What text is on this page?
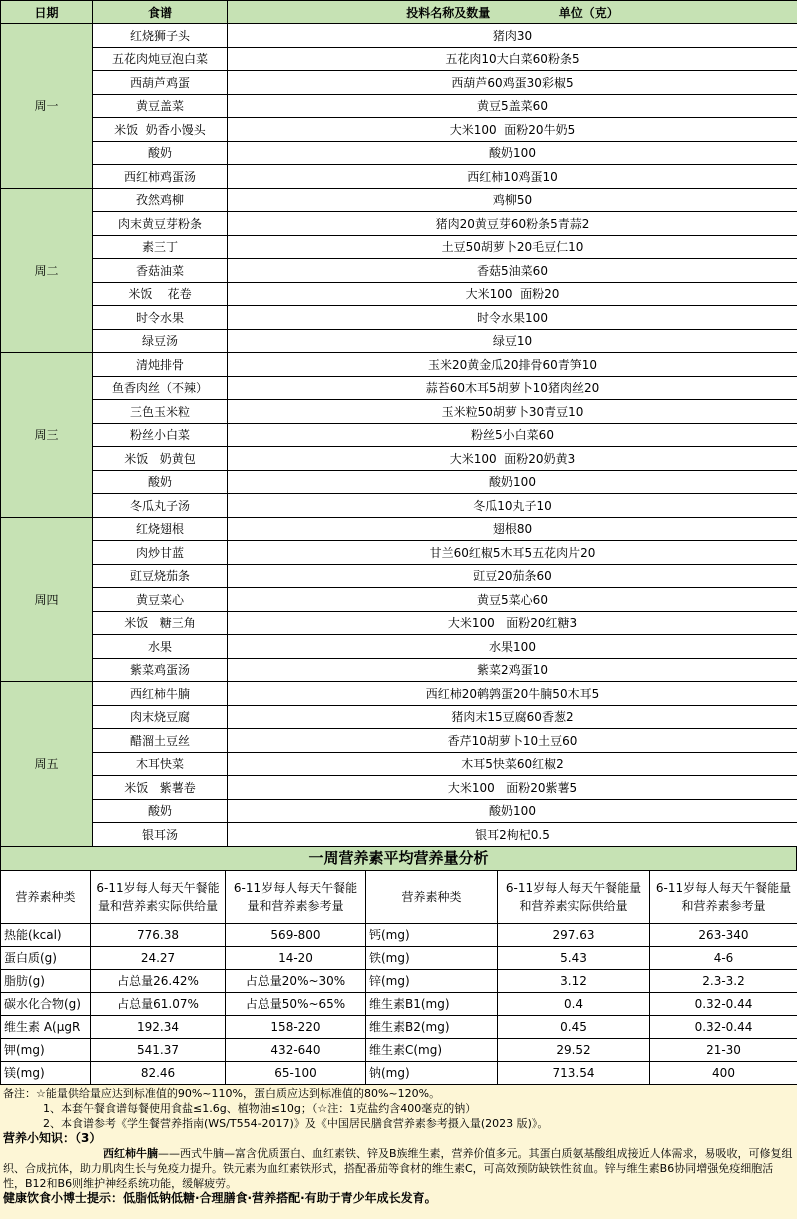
日期	食谱	投料名称及数量 单位（克）
周一	红烧狮子头	猪肉30
	五花肉炖豆泡白菜	五花肉10大白菜60粉条5
	西葫芦鸡蛋	西葫芦60鸡蛋30彩椒5
	黄豆盖菜	黄豆5盖菜60
	米饭  奶香小馒头	大米100  面粉20牛奶5
	酸奶	酸奶100
	西红柿鸡蛋汤	西红柿10鸡蛋10
周二	孜然鸡柳	鸡柳50
	肉末黄豆芽粉条	猪肉20黄豆芽60粉条5青蒜2
	素三丁	土豆50胡萝卜20毛豆仁10
	香菇油菜	香菇5油菜60
	米饭    花卷	大米100  面粉20
	时令水果	时令水果100
	绿豆汤	绿豆10
周三	清炖排骨	玉米20黄金瓜20排骨60青笋10
	鱼香肉丝（不辣）	蒜苔60木耳5胡萝卜10猪肉丝20
	三色玉米粒	玉米粒50胡萝卜30青豆10
	粉丝小白菜	粉丝5小白菜60
	米饭   奶黄包	大米100  面粉20奶黄3
	酸奶	酸奶100
	冬瓜丸子汤	冬瓜10丸子10
周四	红烧翅根	翅根80
	肉炒甘蓝	甘兰60红椒5木耳5五花肉片20
	豇豆烧茄条	豇豆20茄条60
	黄豆菜心	黄豆5菜心60
	米饭   糖三角	大米100   面粉20红糖3
	水果	水果100
	紫菜鸡蛋汤	紫菜2鸡蛋10
周五	西红柿牛腩	西红柿20鹌鹑蛋20牛腩50木耳5
	肉末烧豆腐	猪肉末15豆腐60香葱2
	醋溜土豆丝	香芹10胡萝卜10土豆60
	木耳快菜	木耳5快菜60红椒2
	米饭   紫薯卷	大米100   面粉20紫薯5
	酸奶	酸奶100
	银耳汤	银耳2枸杞0.5
一周营养素平均营养量分析
营养素种类	6-11岁每人每天午餐能量和营养素实际供给量	6-11岁每人每天午餐能量和营养素参考量	营养素种类	6-11岁每人每天午餐能量和营养素实际供给量	6-11岁每人每天午餐能量和营养素参考量
热能(kcal)	776.38	569-800	钙(mg)	297.63	263-340
蛋白质(g)	24.27	14-20	铁(mg)	5.43	4-6
脂肪(g)	占总量26.42%	占总量20%~30%	锌(mg)	3.12	2.3-3.2
碳水化合物(g)	占总量61.07%	占总量50%~65%	维生素B1(mg)	0.4	0.32-0.44
维生素 A(μgR	192.34	158-220	维生素B2(mg)	0.45	0.32-0.44
钾(mg)	541.37	432-640	维生素C(mg)	29.52	21-30
镁(mg)	82.46	65-100	钠(mg)	713.54	400

备注：☆能量供给量应达到标准值的90%~110%，蛋白质应达到标准值的80%~120%。

1、本套午餐食谱每餐使用食盐≤1.6g、植物油≤10g；（☆注：1克盐约含400毫克的钠）

2、本食谱参考《学生餐营养指南(WS/T554-2017)》及《中国居民膳食营养素参考摄入量(2023 版)》。

营养小知识：（3）

西红柿牛腩——西式牛腩—富含优质蛋白、血红素铁、锌及B族维生素，营养价值多元。其蛋白质氨基酸组成接近人体需求，易吸收，可修复组织、合成抗体，助力肌肉生长与免疫力提升。铁元素为血红素铁形式，搭配番茄等食材的维生素C，可高效预防缺铁性贫血。锌与维生素B6协同增强免疫细胞活性，B12和B6则维护神经系统功能，缓解疲劳。

健康饮食小博士提示：低脂低钠低糖·合理膳食·营养搭配·有助于青少年成长发育。
